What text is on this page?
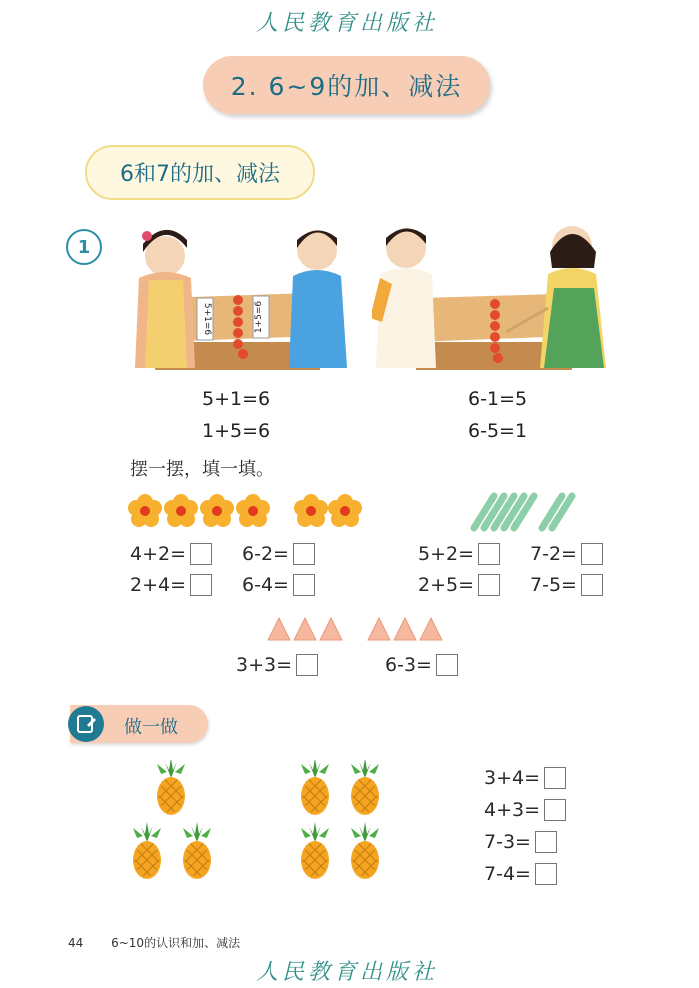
人民教育出版社
2. 6~9的加、减法
6和7的加、减法
1
5+1=6	1+5=6
5+1=6
1+5=6
6-1=5
6-5=1
摆一摆，填一填。
4+2=	6-2=
2+4=	6-4=
5+2=	7-2=
2+5=	7-5=
3+3=	6-3=
做一做
3+4=
4+3=
7-3=
7-4=
44 6~10的认识和加、减法
人民教育出版社
